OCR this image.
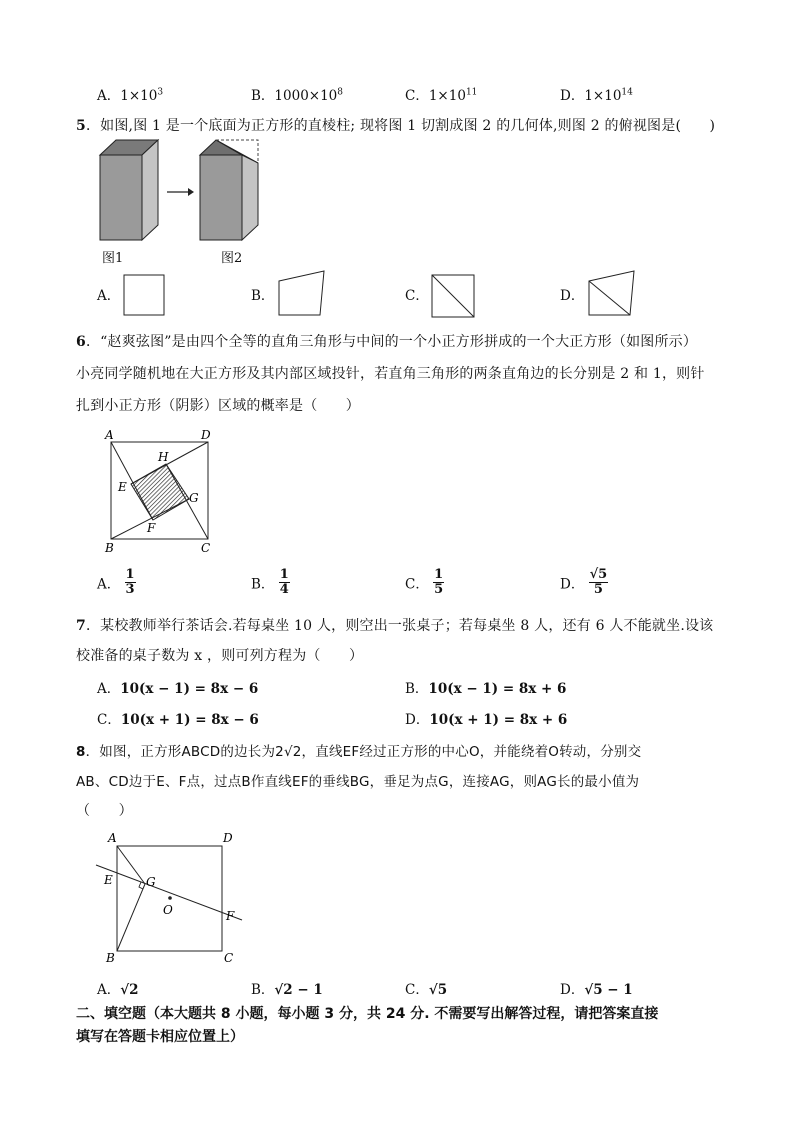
A．$1\times 10^3$	B．$1000\times 10^8$	C．$1\times 10^{11}$	D．$1\times 10^{14}$
5．如图,图 1 是一个底面为正方形的直棱柱; 现将图 1 切割成图 2 的几何体,则图 2 的俯视图是(　　)
图1	图2
A．	B．	C．	D．
6．“赵爽弦图”是由四个全等的直角三角形与中间的一个小正方形拼成的一个大正方形（如图所示）
小亮同学随机地在大正方形及其内部区域投针，若直角三角形的两条直角边的长分别是 2 和 1，则针
扎到小正方形（阴影）区域的概率是（　　）
A	D
B	C
H
E
G
F
A． $\frac{1}{3}$	B． $\frac{1}{4}$	C． $\frac{1}{5}$	D． $\frac{√5}{5}$
7．某校教师举行茶话会.若每桌坐 10 人，则空出一张桌子；若每桌坐 8 人，还有 6 人不能就坐.设该
校准备的桌子数为 x ，则可列方程为（　　）
A．10(x − 1) = 8x − 6	B．10(x − 1) = 8x + 6
C．10(x + 1) = 8x − 6	D．10(x + 1) = 8x + 6
8．如图，正方形ABCD的边长为2√2，直线EF经过正方形的中心O，并能绕着O转动，分别交
AB、CD边于E、F点，过点B作直线EF的垂线BG，垂足为点G，连接AG，则AG长的最小值为
（　　）
A	D
E	G
O	F
B	C
A．√2	B．√2 − 1	C．√5	D．√5 − 1
二、填空题（本大题共 8 小题，每小题 3 分，共 24 分. 不需要写出解答过程，请把答案直接
填写在答题卡相应位置上）
